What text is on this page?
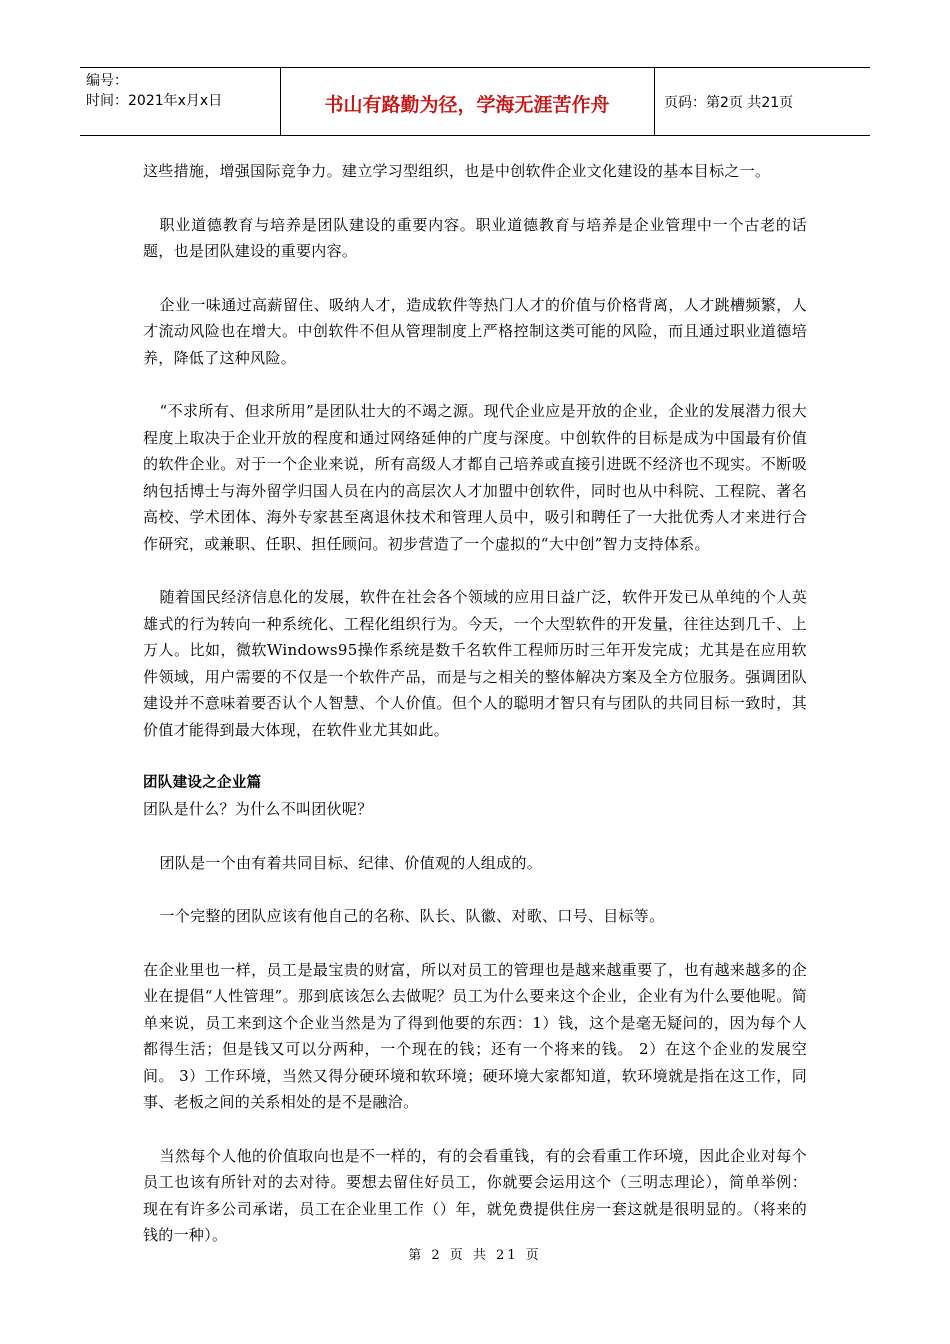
编号：
时间：2021年x月x日	书山有路勤为径，学海无涯苦作舟	页码：第2页 共21页

这些措施，增强国际竞争力。建立学习型组织，也是中创软件企业文化建设的基本目标之一。

职业道德教育与培养是团队建设的重要内容。职业道德教育与培养是企业管理中一个古老的话题，也是团队建设的重要内容。

企业一味通过高薪留住、吸纳人才，造成软件等热门人才的价值与价格背离，人才跳槽频繁，人才流动风险也在增大。中创软件不但从管理制度上严格控制这类可能的风险，而且通过职业道德培养，降低了这种风险。

“不求所有、但求所用”是团队壮大的不竭之源。现代企业应是开放的企业，企业的发展潜力很大程度上取决于企业开放的程度和通过网络延伸的广度与深度。中创软件的目标是成为中国最有价值的软件企业。对于一个企业来说，所有高级人才都自己培养或直接引进既不经济也不现实。不断吸纳包括博士与海外留学归国人员在内的高层次人才加盟中创软件，同时也从中科院、工程院、著名高校、学术团体、海外专家甚至离退休技术和管理人员中，吸引和聘任了一大批优秀人才来进行合作研究，或兼职、任职、担任顾问。初步营造了一个虚拟的“大中创”智力支持体系。

随着国民经济信息化的发展，软件在社会各个领域的应用日益广泛，软件开发已从单纯的个人英雄式的行为转向一种系统化、工程化组织行为。今天，一个大型软件的开发量，往往达到几千、上万人。比如，微软Windows95操作系统是数千名软件工程师历时三年开发完成；尤其是在应用软件领域，用户需要的不仅是一个软件产品，而是与之相关的整体解决方案及全方位服务。强调团队建设并不意味着要否认个人智慧、个人价值。但个人的聪明才智只有与团队的共同目标一致时，其价值才能得到最大体现，在软件业尤其如此。

团队建设之企业篇

团队是什么？为什么不叫团伙呢？

团队是一个由有着共同目标、纪律、价值观的人组成的。

一个完整的团队应该有他自己的名称、队长、队徽、对歌、口号、目标等。

在企业里也一样，员工是最宝贵的财富，所以对员工的管理也是越来越重要了，也有越来越多的企业在提倡“人性管理”。那到底该怎么去做呢？员工为什么要来这个企业，企业有为什么要他呢。简单来说，员工来到这个企业当然是为了得到他要的东西：1）钱，这个是毫无疑问的，因为每个人都得生活；但是钱又可以分两种，一个现在的钱；还有一个将来的钱。 2）在这个企业的发展空间。 3）工作环境，当然又得分硬环境和软环境；硬环境大家都知道，软环境就是指在这工作，同事、老板之间的关系相处的是不是融洽。

当然每个人他的价值取向也是不一样的，有的会看重钱，有的会看重工作环境，因此企业对每个员工也该有所针对的去对待。要想去留住好员工，你就要会运用这个（三明志理论），简单举例：现在有许多公司承诺，员工在企业里工作（）年，就免费提供住房一套这就是很明显的。（将来的钱的一种）。

第 2 页 共 21 页
